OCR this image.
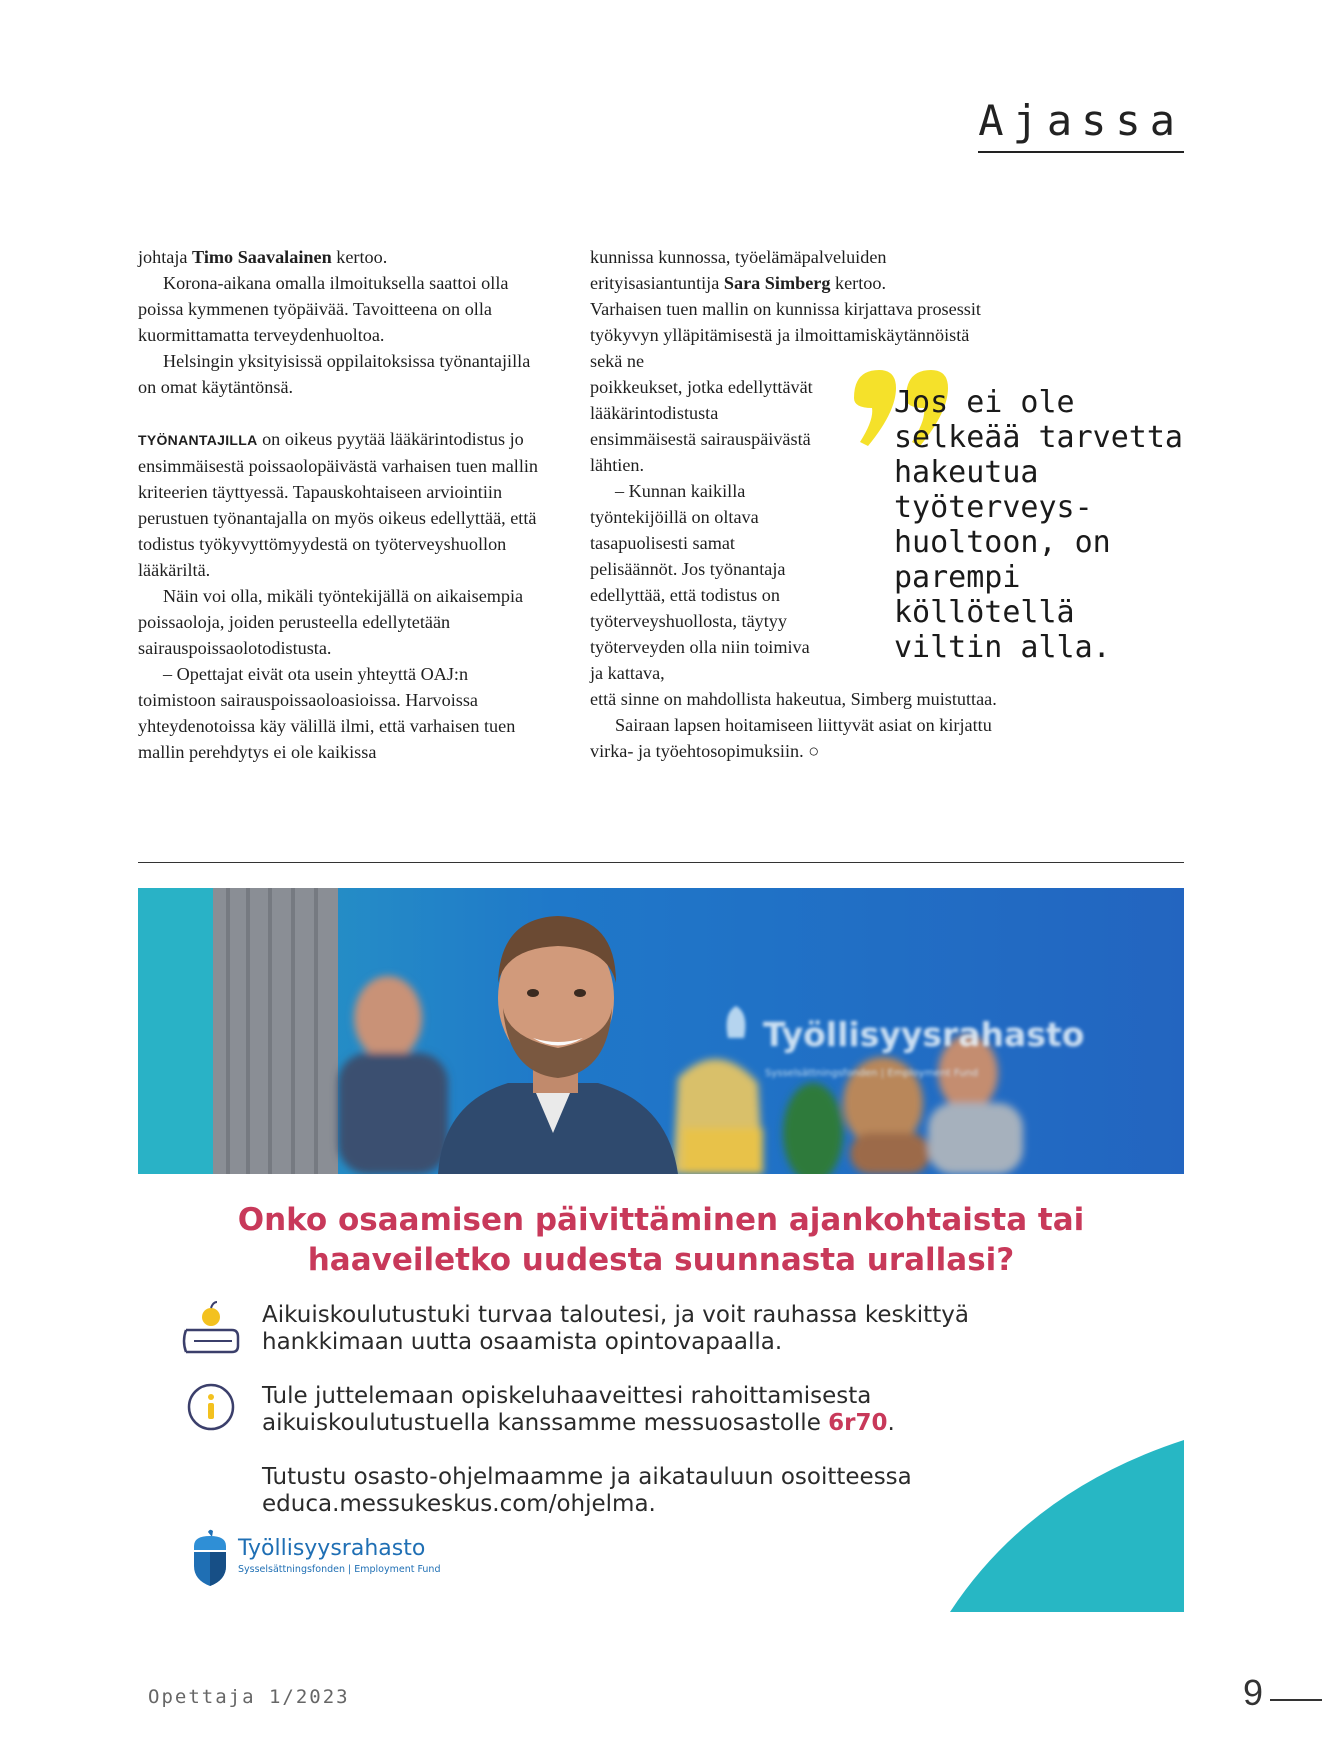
Ajassa

johtaja Timo Saavalainen kertoo.

Korona-aikana omalla ilmoituksella saattoi olla poissa kymmenen työpäivää. Tavoitteena on olla kuormittamatta terveydenhuoltoa.

Helsingin yksityisissä oppilaitoksissa työnantajilla on omat käytäntönsä.

TYÖNANTAJILLA on oikeus pyytää lääkärintodistus jo ensimmäisestä poissaolopäivästä varhaisen tuen mallin kriteerien täyttyessä. Tapauskohtaiseen arviointiin perustuen työnantajalla on myös oikeus edellyttää, että todistus työkyvyttömyydestä on työterveyshuollon lääkäriltä.

Näin voi olla, mikäli työntekijällä on aikaisempia poissaoloja, joiden perusteella edellytetään sairauspoissaolotodistusta.

– Opettajat eivät ota usein yhteyttä OAJ:n toimistoon sairauspoissaoloasioissa. Harvoissa yhteydenotoissa käy välillä ilmi, että varhaisen tuen mallin perehdytys ei ole kaikissa

kunnissa kunnossa, työelämäpalveluiden erityisasiantuntija Sara Simberg kertoo.

Varhaisen tuen mallin on kunnissa kirjattava prosessit työkyvyn ylläpitämisestä ja ilmoittamiskäytännöistä sekä ne

poikkeukset, jotka edellyttävät lääkärintodistusta ensimmäisestä sairauspäivästä lähtien.

– Kunnan kaikilla työntekijöillä on oltava tasapuolisesti samat pelisäännöt. Jos työnantaja edellyttää, että todistus on työterveyshuollosta, täytyy työterveyden olla niin toimiva ja kattava,

että sinne on mahdollista hakeutua, Simberg muistuttaa.

Sairaan lapsen hoitamiseen liittyvät asiat on kirjattu virka- ja työehtosopimuksiin. ○

Jos ei ole selkeää tarvetta hakeutua työterveys-huoltoon, on parempi köllötellä viltin alla.
Työllisyysrahasto
Sysselsättningsfonden | Employment Fund
Onko osaamisen päivittäminen ajankohtaista tai haaveiletko uudesta suunnasta urallasi?
Aikuiskoulutustuki turvaa taloutesi, ja voit rauhassa keskittyä hankkimaan uutta osaamista opintovapaalla.
Tule juttelemaan opiskeluhaaveittesi rahoittamisesta aikuiskoulutustuella kanssamme messuosastolle 6r70.
Tutustu osasto-ohjelmaamme ja aikatauluun osoitteessa educa.messukeskus.com/ohjelma.
Työllisyysrahasto
Sysselsättningsfonden | Employment Fund
Opettaja 1/2023	9
